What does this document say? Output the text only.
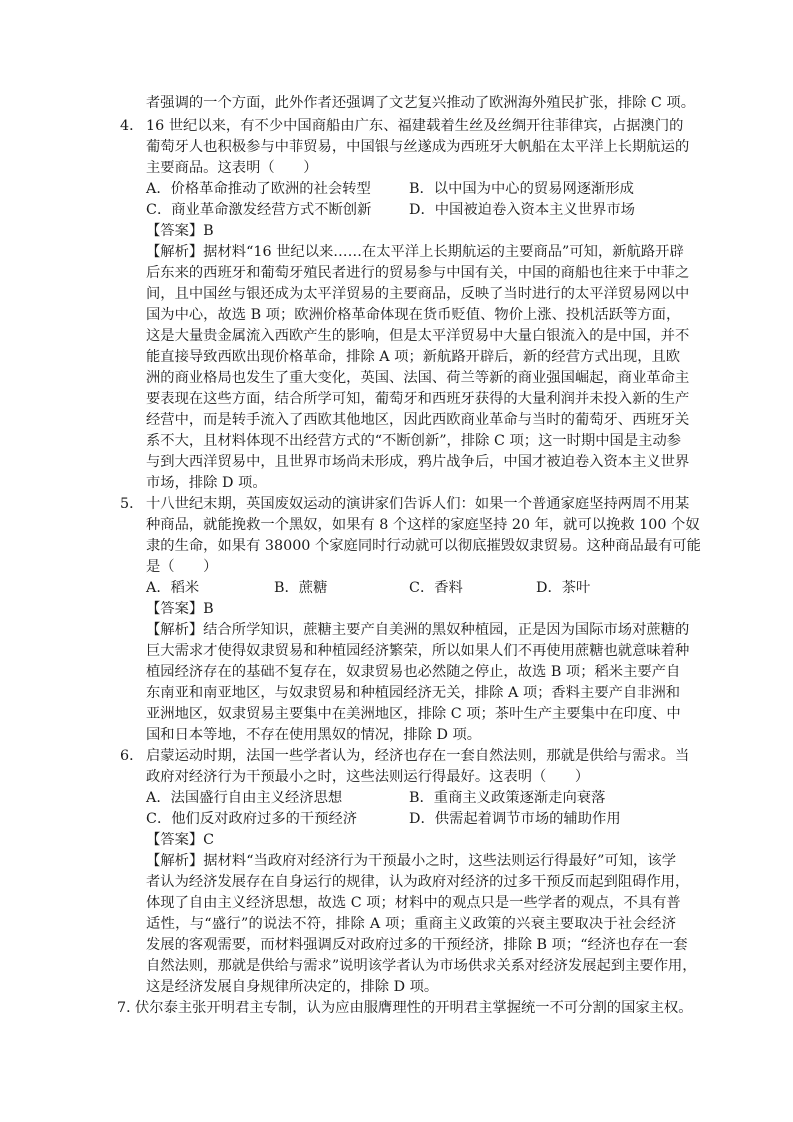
者强调的一个方面，此外作者还强调了文艺复兴推动了欧洲海外殖民扩张，排除 C 项。
4． 16 世纪以来，有不少中国商船由广东、福建载着生丝及丝绸开往菲律宾，占据澳门的
葡萄牙人也积极参与中菲贸易，中国银与丝遂成为西班牙大帆船在太平洋上长期航运的
主要商品。这表明（　　）
A．价格革命推动了欧洲的社会转型	B．以中国为中心的贸易网逐渐形成
C．商业革命激发经营方式不断创新	D．中国被迫卷入资本主义世界市场
【答案】B
【解析】据材料“16 世纪以来……在太平洋上长期航运的主要商品”可知，新航路开辟
后东来的西班牙和葡萄牙殖民者进行的贸易参与中国有关，中国的商船也往来于中菲之
间，且中国丝与银还成为太平洋贸易的主要商品，反映了当时进行的太平洋贸易网以中
国为中心，故选 B 项；欧洲价格革命体现在货币贬值、物价上涨、投机活跃等方面，
这是大量贵金属流入西欧产生的影响，但是太平洋贸易中大量白银流入的是中国，并不
能直接导致西欧出现价格革命，排除 A 项；新航路开辟后，新的经营方式出现，且欧
洲的商业格局也发生了重大变化，英国、法国、荷兰等新的商业强国崛起，商业革命主
要表现在这些方面，结合所学可知，葡萄牙和西班牙获得的大量利润并未投入新的生产
经营中，而是转手流入了西欧其他地区，因此西欧商业革命与当时的葡萄牙、西班牙关
系不大，且材料体现不出经营方式的“不断创新”，排除 C 项；这一时期中国是主动参
与到大西洋贸易中，且世界市场尚未形成，鸦片战争后，中国才被迫卷入资本主义世界
市场，排除 D 项。
5． 十八世纪末期，英国废奴运动的演讲家们告诉人们：如果一个普通家庭坚持两周不用某
种商品，就能挽救一个黑奴，如果有 8 个这样的家庭坚持 20 年，就可以挽救 100 个奴
隶的生命，如果有 38000 个家庭同时行动就可以彻底摧毁奴隶贸易。这种商品最有可能
是（　　）
A．稻米	B．蔗糖	C．香料	D．茶叶
【答案】B
【解析】结合所学知识，蔗糖主要产自美洲的黑奴种植园，正是因为国际市场对蔗糖的
巨大需求才使得奴隶贸易和种植园经济繁荣，所以如果人们不再使用蔗糖也就意味着种
植园经济存在的基础不复存在，奴隶贸易也必然随之停止，故选 B 项；稻米主要产自
东南亚和南亚地区，与奴隶贸易和种植园经济无关，排除 A 项；香料主要产自非洲和
亚洲地区，奴隶贸易主要集中在美洲地区，排除 C 项；茶叶生产主要集中在印度、中
国和日本等地，不存在使用黑奴的情况，排除 D 项。
6． 启蒙运动时期，法国一些学者认为，经济也存在一套自然法则，那就是供给与需求。当
政府对经济行为干预最小之时，这些法则运行得最好。这表明（　　）
A．法国盛行自由主义经济思想	B．重商主义政策逐渐走向衰落
C．他们反对政府过多的干预经济	D．供需起着调节市场的辅助作用
【答案】C
【解析】据材料“当政府对经济行为干预最小之时，这些法则运行得最好”可知，该学
者认为经济发展存在自身运行的规律，认为政府对经济的过多干预反而起到阻碍作用，
体现了自由主义经济思想，故选 C 项；材料中的观点只是一些学者的观点，不具有普
适性，与“盛行”的说法不符，排除 A 项；重商主义政策的兴衰主要取决于社会经济
发展的客观需要，而材料强调反对政府过多的干预经济，排除 B 项；“经济也存在一套
自然法则，那就是供给与需求”说明该学者认为市场供求关系对经济发展起到主要作用，
这是经济发展自身规律所决定的，排除 D 项。
7．伏尔泰主张开明君主专制，认为应由服膺理性的开明君主掌握统一不可分割的国家主权。
